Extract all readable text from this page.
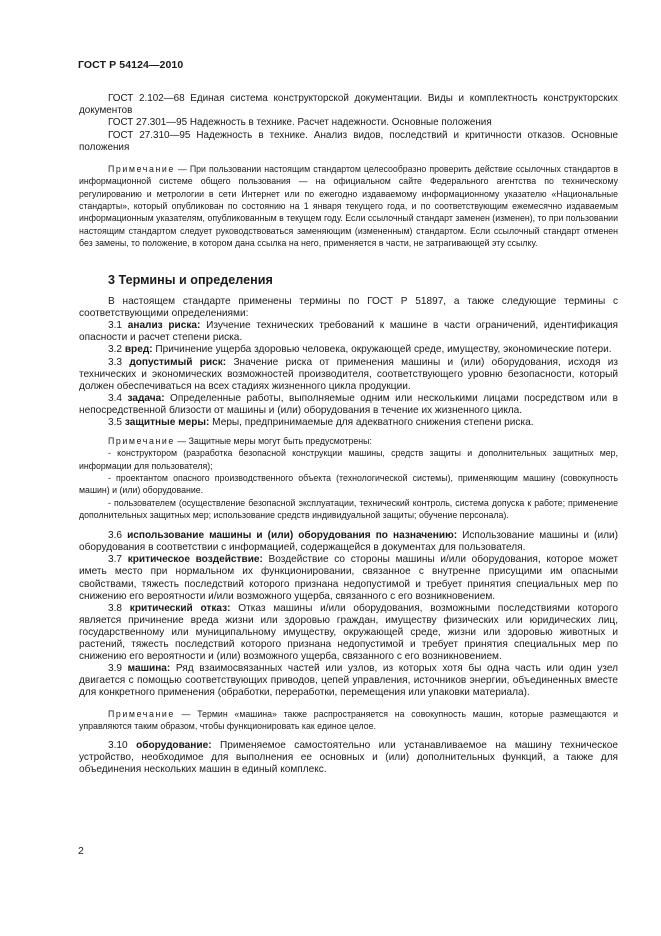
ГОСТ Р 54124—2010

ГОСТ 2.102—68 Единая система конструкторской документации. Виды и комплектность конструкторских документов

ГОСТ 27.301—95 Надежность в технике. Расчет надежности. Основные положения

ГОСТ 27.310—95 Надежность в технике. Анализ видов, последствий и критичности отказов. Основные положения

Примечание — При пользовании настоящим стандартом целесообразно проверить действие ссылочных стандартов в информационной системе общего пользования — на официальном сайте Федерального агентства по техническому регулированию и метрологии в сети Интернет или по ежегодно издаваемому информационному указателю «Национальные стандарты», который опубликован по состоянию на 1 января текущего года, и по соответствующим ежемесячно издаваемым информационным указателям, опубликованным в текущем году. Если ссылочный стандарт заменен (изменен), то при пользовании настоящим стандартом следует руководствоваться заменяющим (измененным) стандартом. Если ссылочный стандарт отменен без замены, то положение, в котором дана ссылка на него, применяется в части, не затрагивающей эту ссылку.

3 Термины и определения

В настоящем стандарте применены термины по ГОСТ Р 51897, а также следующие термины с соответствующими определениями:

3.1 анализ риска: Изучение технических требований к машине в части ограничений, идентификация опасности и расчет степени риска.

3.2 вред: Причинение ущерба здоровью человека, окружающей среде, имуществу, экономические потери.

3.3 допустимый риск: Значение риска от применения машины и (или) оборудования, исходя из технических и экономических возможностей производителя, соответствующего уровню безопасности, который должен обеспечиваться на всех стадиях жизненного цикла продукции.

3.4 задача: Определенные работы, выполняемые одним или несколькими лицами посредством или в непосредственной близости от машины и (или) оборудования в течение их жизненного цикла.

3.5 защитные меры: Меры, предпринимаемые для адекватного снижения степени риска.

Примечание — Защитные меры могут быть предусмотрены:

- конструктором (разработка безопасной конструкции машины, средств защиты и дополнительных защитных мер, информации для пользователя);

- проектантом опасного производственного объекта (технологической системы), применяющим машину (совокупность машин) и (или) оборудование.

- пользователем (осуществление безопасной эксплуатации, технический контроль, система допуска к работе; применение дополнительных защитных мер; использование средств индивидуальной защиты; обучение персонала).

3.6 использование машины и (или) оборудования по назначению: Использование машины и (или) оборудования в соответствии с информацией, содержащейся в документах для пользователя.

3.7 критическое воздействие: Воздействие со стороны машины и/или оборудования, которое может иметь место при нормальном их функционировании, связанное с внутренне присущими им опасными свойствами, тяжесть последствий которого признана недопустимой и требует принятия специальных мер по снижению его вероятности и/или возможного ущерба, связанного с его возникновением.

3.8 критический отказ: Отказ машины и/или оборудования, возможными последствиями которого является причинение вреда жизни или здоровью граждан, имуществу физических или юридических лиц, государственному или муниципальному имуществу, окружающей среде, жизни или здоровью животных и растений, тяжесть последствий которого признана недопустимой и требует принятия специальных мер по снижению его вероятности и (или) возможного ущерба, связанного с его возникновением.

3.9 машина: Ряд взаимосвязанных частей или узлов, из которых хотя бы одна часть или один узел двигается с помощью соответствующих приводов, цепей управления, источников энергии, объединенных вместе для конкретного применения (обработки, переработки, перемещения или упаковки материала).

Примечание — Термин «машина» также распространяется на совокупность машин, которые размещаются и управляются таким образом, чтобы функционировать как единое целое.

3.10 оборудование: Применяемое самостоятельно или устанавливаемое на машину техническое устройство, необходимое для выполнения ее основных и (или) дополнительных функций, а также для объединения нескольких машин в единый комплекс.

2
